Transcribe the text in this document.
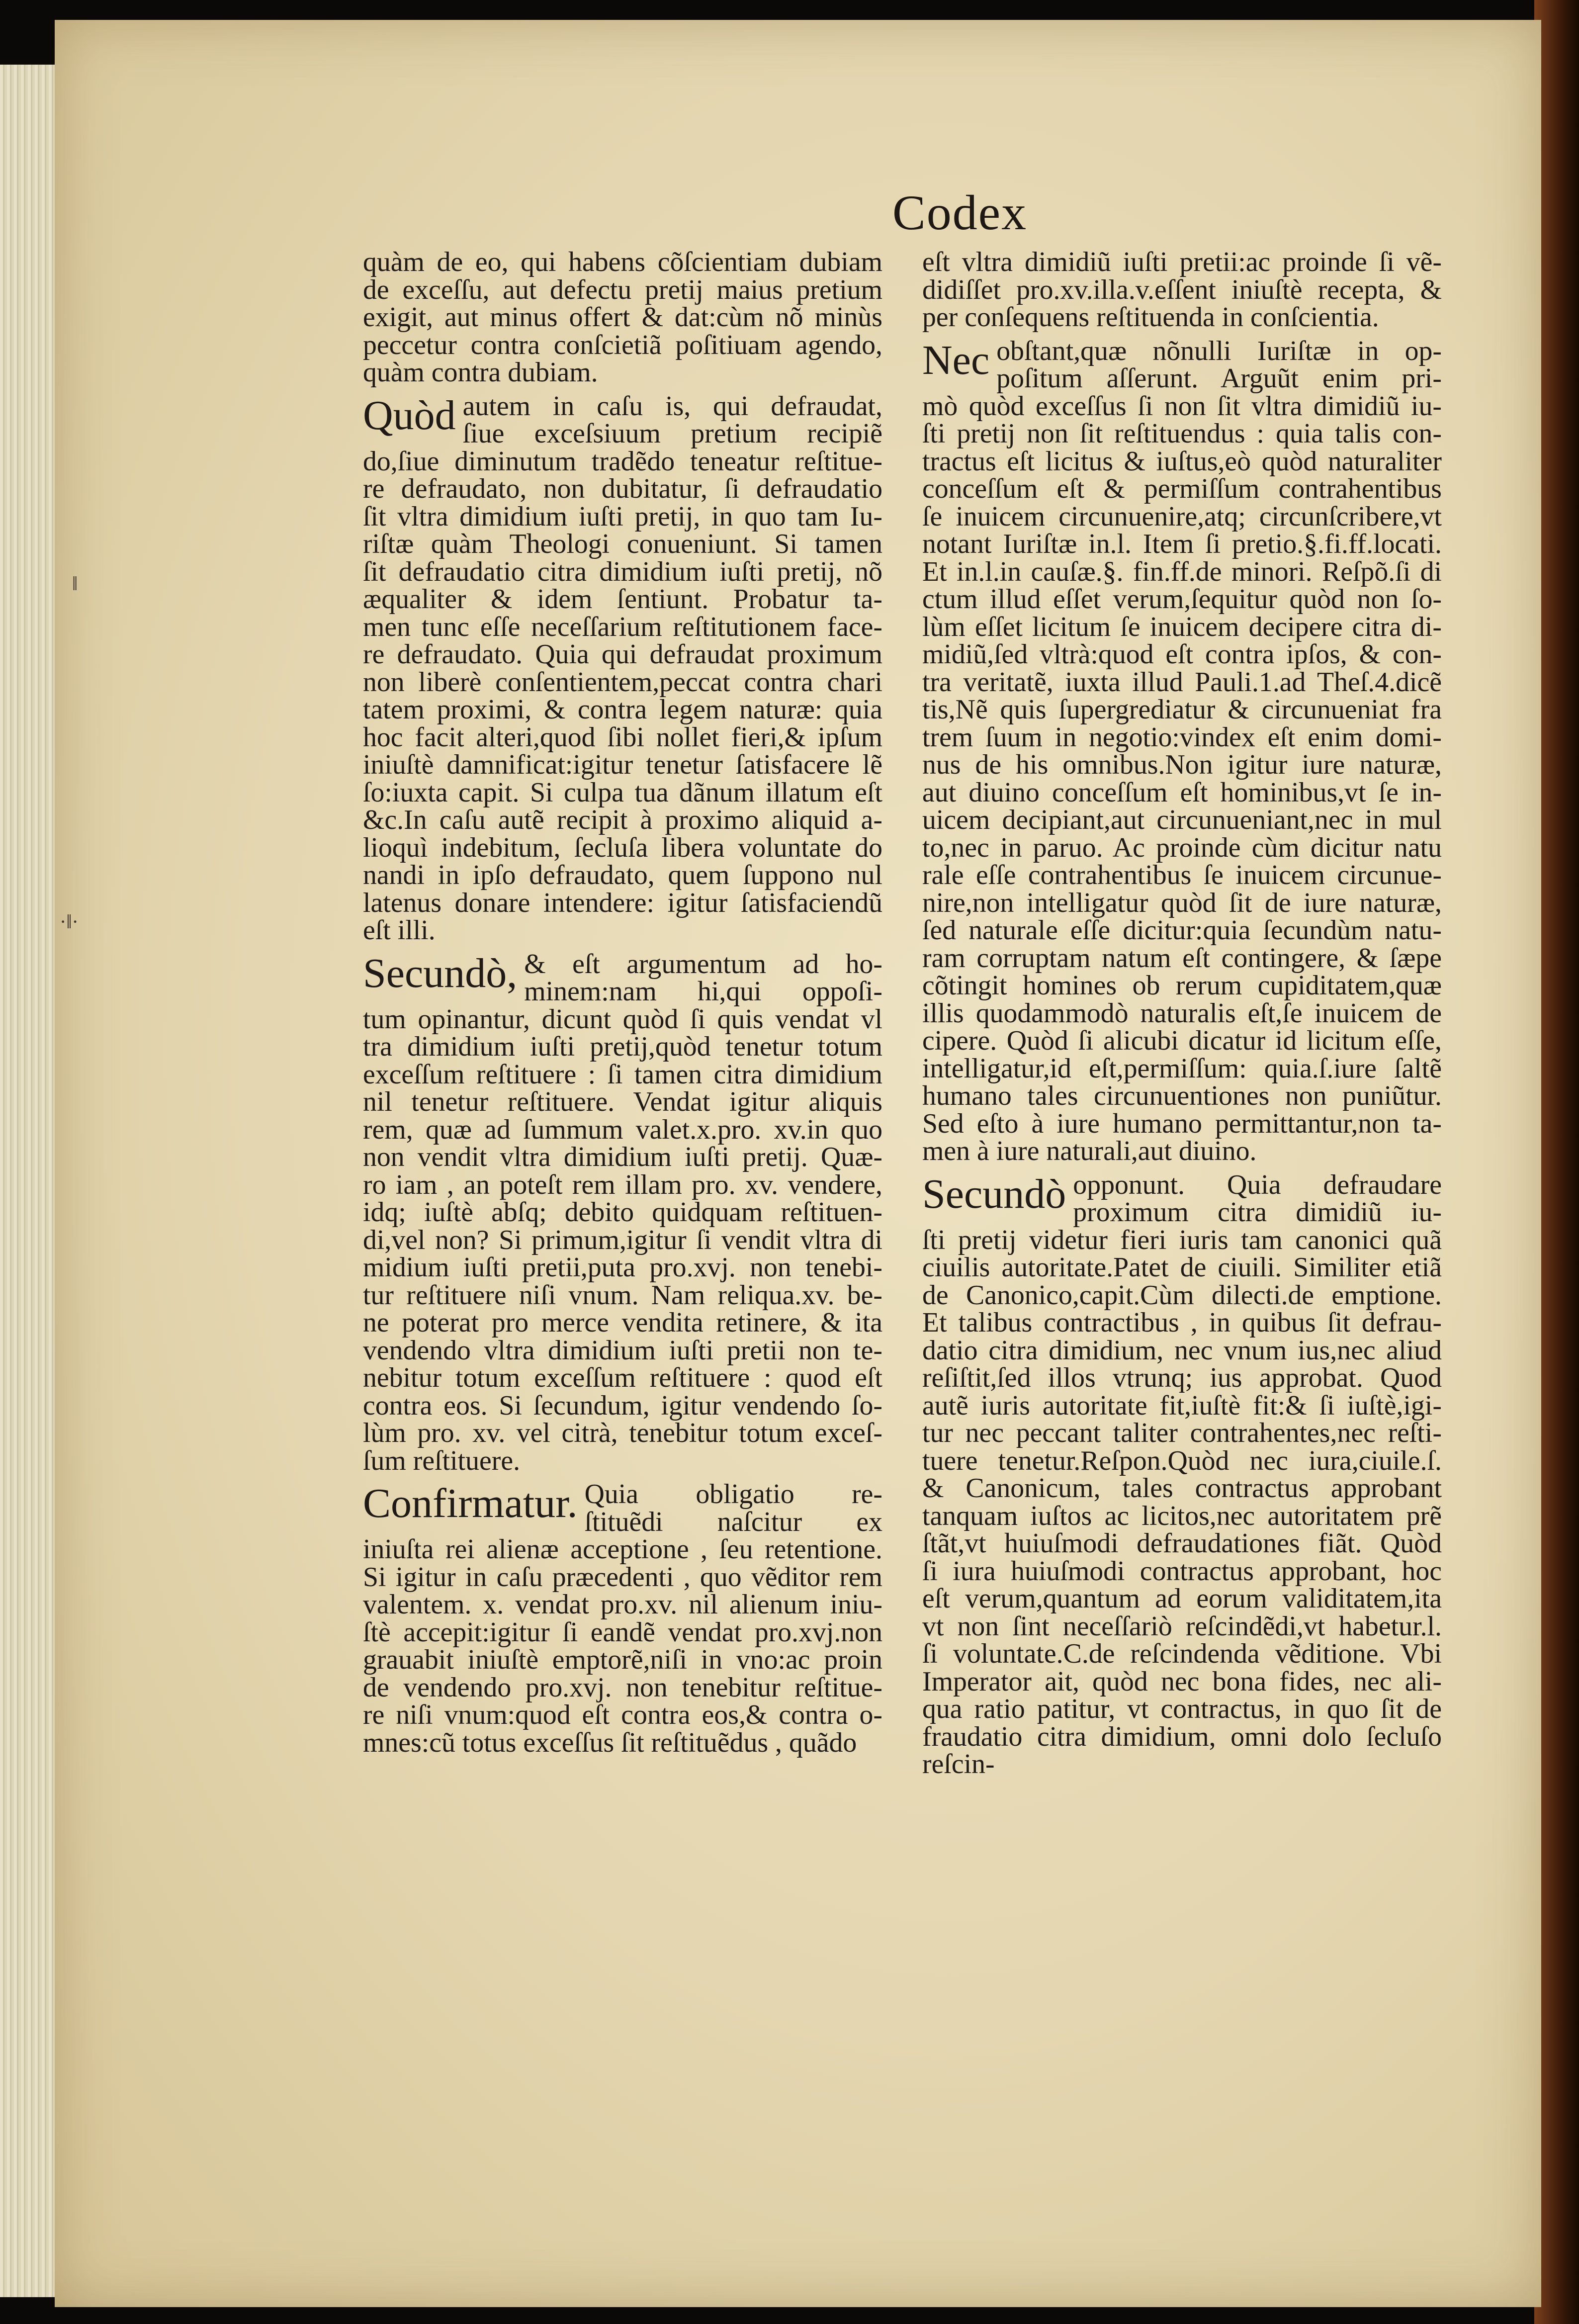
‖
·‖·
Codex
quàm de eo, qui habens cõſcientiam dubiam
de exceſſu, aut defectu pretij maius pretium
exigit, aut minus offert & dat:cùm nõ minùs
peccetur contra conſcietiã poſitiuam agendo,
quàm contra dubiam.
Quòd autem in caſu is, qui defraudat,
ſiue exceſsiuum pretium recipiẽ
do,ſiue diminutum tradẽdo teneatur reſtitue-
re defraudato, non dubitatur, ſi defraudatio
ſit vltra dimidium iuſti pretij, in quo tam Iu-
riſtæ quàm Theologi conueniunt. Si tamen
ſit defraudatio citra dimidium iuſti pretij, nõ
æqualiter & idem ſentiunt. Probatur ta-
men tunc eſſe neceſſarium reſtitutionem face-
re defraudato. Quia qui defraudat proximum
non liberè conſentientem,peccat contra chari
tatem proximi, & contra legem naturæ: quia
hoc facit alteri,quod ſibi nollet fieri,& ipſum
iniuſtè damnificat:igitur tenetur ſatisfacere lẽ
ſo:iuxta capit. Si culpa tua dãnum illatum eſt
&c.In caſu autẽ recipit à proximo aliquid a-
lioquì indebitum, ſecluſa libera voluntate do
nandi in ipſo defraudato, quem ſuppono nul
latenus donare intendere: igitur ſatisfaciendũ
eſt illi.
Secundò, & eſt argumentum ad ho-
minem:nam hi,qui oppoſi-
tum opinantur, dicunt quòd ſi quis vendat vl
tra dimidium iuſti pretij,quòd tenetur totum
exceſſum reſtituere : ſi tamen citra dimidium
nil tenetur reſtituere. Vendat igitur aliquis
rem, quæ ad ſummum valet.x.pro. xv.in quo
non vendit vltra dimidium iuſti pretij. Quæ-
ro iam , an poteſt rem illam pro. xv. vendere,
idq; iuſtè abſq; debito quidquam reſtituen-
di,vel non? Si primum,igitur ſi vendit vltra di
midium iuſti pretii,puta pro.xvj. non tenebi-
tur reſtituere niſi vnum. Nam reliqua.xv. be-
ne poterat pro merce vendita retinere, & ita
vendendo vltra dimidium iuſti pretii non te-
nebitur totum exceſſum reſtituere : quod eſt
contra eos. Si ſecundum, igitur vendendo ſo-
lùm pro. xv. vel citrà, tenebitur totum exceſ-
ſum reſtituere.
Confirmatur. Quia obligatio re-
ſtituẽdi naſcitur ex
iniuſta rei alienæ acceptione , ſeu retentione.
Si igitur in caſu præcedenti , quo vẽditor rem
valentem. x. vendat pro.xv. nil alienum iniu-
ſtè accepit:igitur ſi eandẽ vendat pro.xvj.non
grauabit iniuſtè emptorẽ,niſi in vno:ac proin
de vendendo pro.xvj. non tenebitur reſtitue-
re niſi vnum:quod eſt contra eos,& contra o-
mnes:cũ totus exceſſus ſit reſtituẽdus , quãdo
eſt vltra dimidiũ iuſti pretii:ac proinde ſi vẽ-
didiſſet pro.xv.illa.v.eſſent iniuſtè recepta, &
per conſequens reſtituenda in conſcientia.
Nec obſtant,quæ nõnulli Iuriſtæ in op-
poſitum aſſerunt. Arguũt enim pri-
mò quòd exceſſus ſi non ſit vltra dimidiũ iu-
ſti pretij non ſit reſtituendus : quia talis con-
tractus eſt licitus & iuſtus,eò quòd naturaliter
conceſſum eſt & permiſſum contrahentibus
ſe inuicem circunuenire,atq; circunſcribere,vt
notant Iuriſtæ in.l. Item ſi pretio.§.fi.ff.locati.
Et in.l.in cauſæ.§. fin.ff.de minori. Reſpõ.ſi di
ctum illud eſſet verum,ſequitur quòd non ſo-
lùm eſſet licitum ſe inuicem decipere citra di-
midiũ,ſed vltrà:quod eſt contra ipſos, & con-
tra veritatẽ, iuxta illud Pauli.1.ad Theſ.4.dicẽ
tis,Nẽ quis ſupergrediatur & circunueniat fra
trem ſuum in negotio:vindex eſt enim domi-
nus de his omnibus.Non igitur iure naturæ,
aut diuino conceſſum eſt hominibus,vt ſe in-
uicem decipiant,aut circunueniant,nec in mul
to,nec in paruo. Ac proinde cùm dicitur natu
rale eſſe contrahentibus ſe inuicem circunue-
nire,non intelligatur quòd ſit de iure naturæ,
ſed naturale eſſe dicitur:quia ſecundùm natu-
ram corruptam natum eſt contingere, & ſæpe
cõtingit homines ob rerum cupiditatem,quæ
illis quodammodò naturalis eſt,ſe inuicem de
cipere. Quòd ſi alicubi dicatur id licitum eſſe,
intelligatur,id eſt,permiſſum: quia.ſ.iure ſaltẽ
humano tales circunuentiones non puniũtur.
Sed eſto à iure humano permittantur,non ta-
men à iure naturali,aut diuino.
Secundò opponunt. Quia defraudare
proximum citra dimidiũ iu-
ſti pretij videtur fieri iuris tam canonici quã
ciuilis autoritate.Patet de ciuili. Similiter etiã
de Canonico,capit.Cùm dilecti.de emptione.
Et talibus contractibus , in quibus ſit defrau-
datio citra dimidium, nec vnum ius,nec aliud
reſiſtit,ſed illos vtrunq; ius approbat. Quod
autẽ iuris autoritate fit,iuſtè fit:& ſi iuſtè,igi-
tur nec peccant taliter contrahentes,nec reſti-
tuere tenetur.Reſpon.Quòd nec iura,ciuile.ſ.
& Canonicum, tales contractus approbant
tanquam iuſtos ac licitos,nec autoritatem prẽ
ſtãt,vt huiuſmodi defraudationes fiãt. Quòd
ſi iura huiuſmodi contractus approbant, hoc
eſt verum,quantum ad eorum validitatem,ita
vt non ſint neceſſariò reſcindẽdi,vt habetur.l.
ſi voluntate.C.de reſcindenda vẽditione. Vbi
Imperator ait, quòd nec bona fides, nec ali-
qua ratio patitur, vt contractus, in quo ſit de
fraudatio citra dimidium, omni dolo ſecluſo
reſcin-
